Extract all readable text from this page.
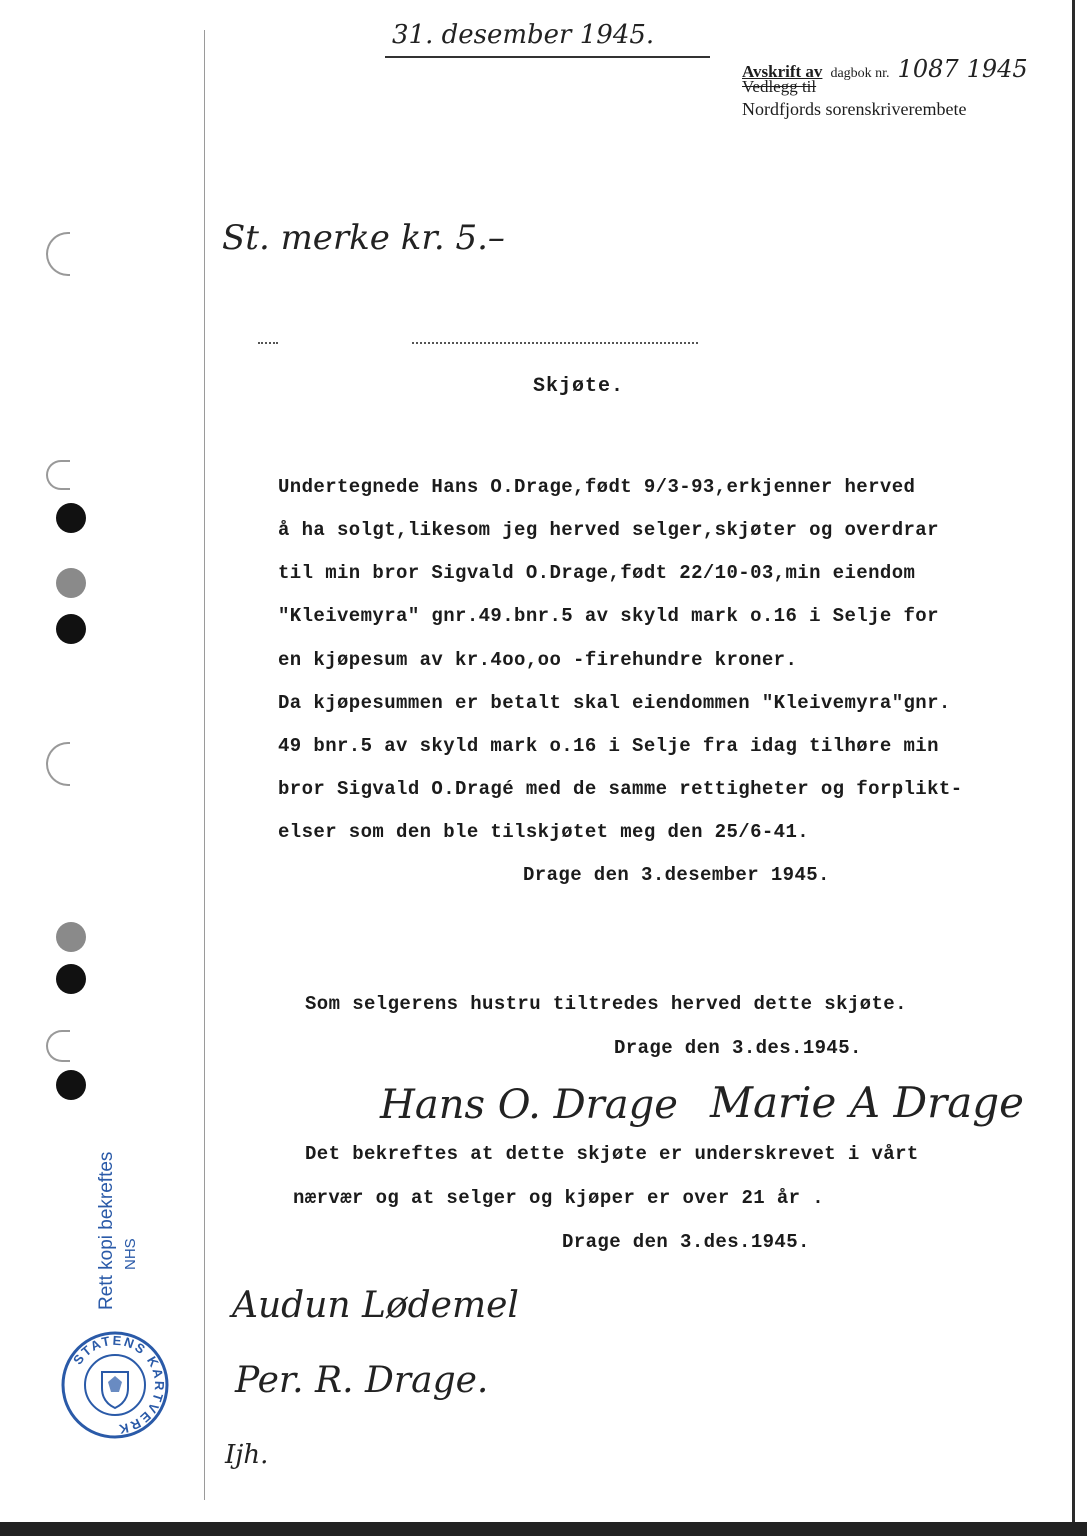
31. desember 1945.
Avskrift av dagbok nr. 1087 1945
Vedlegg til
Nordfjords sorenskriverembete
St. merke kr. 5.–
Skjøte.
Undertegnede Hans O.Drage,født 9/3-93,erkjenner herved
å ha solgt,likesom jeg herved selger,skjøter og overdrar
til min bror Sigvald O.Drage,født 22/10-03,min eiendom
"Kleivemyra" gnr.49.bnr.5 av skyld mark o.16 i Selje for
en kjøpesum av kr.4oo,oo -firehundre kroner.
Da kjøpesummen er betalt skal eiendommen "Kleivemyra"gnr.
49 bnr.5 av skyld mark o.16 i Selje fra idag tilhøre min
bror Sigvald O.Dragé med de samme rettigheter og forplikt-
elser som den ble tilskjøtet meg den 25/6-41.
Drage den 3.desember 1945.
Som selgerens hustru tiltredes herved dette skjøte.
Drage den 3.des.1945.
Hans O. Drage Marie A Drage
Det bekreftes at dette skjøte er underskrevet i vårt
nærvær og at selger og kjøper er over 21 år .
Drage den 3.des.1945.
Audun Lødemel
Per. R. Drage.
Ijh.
Rett kopi bekreftes NHS
STATENS KARTVERK
